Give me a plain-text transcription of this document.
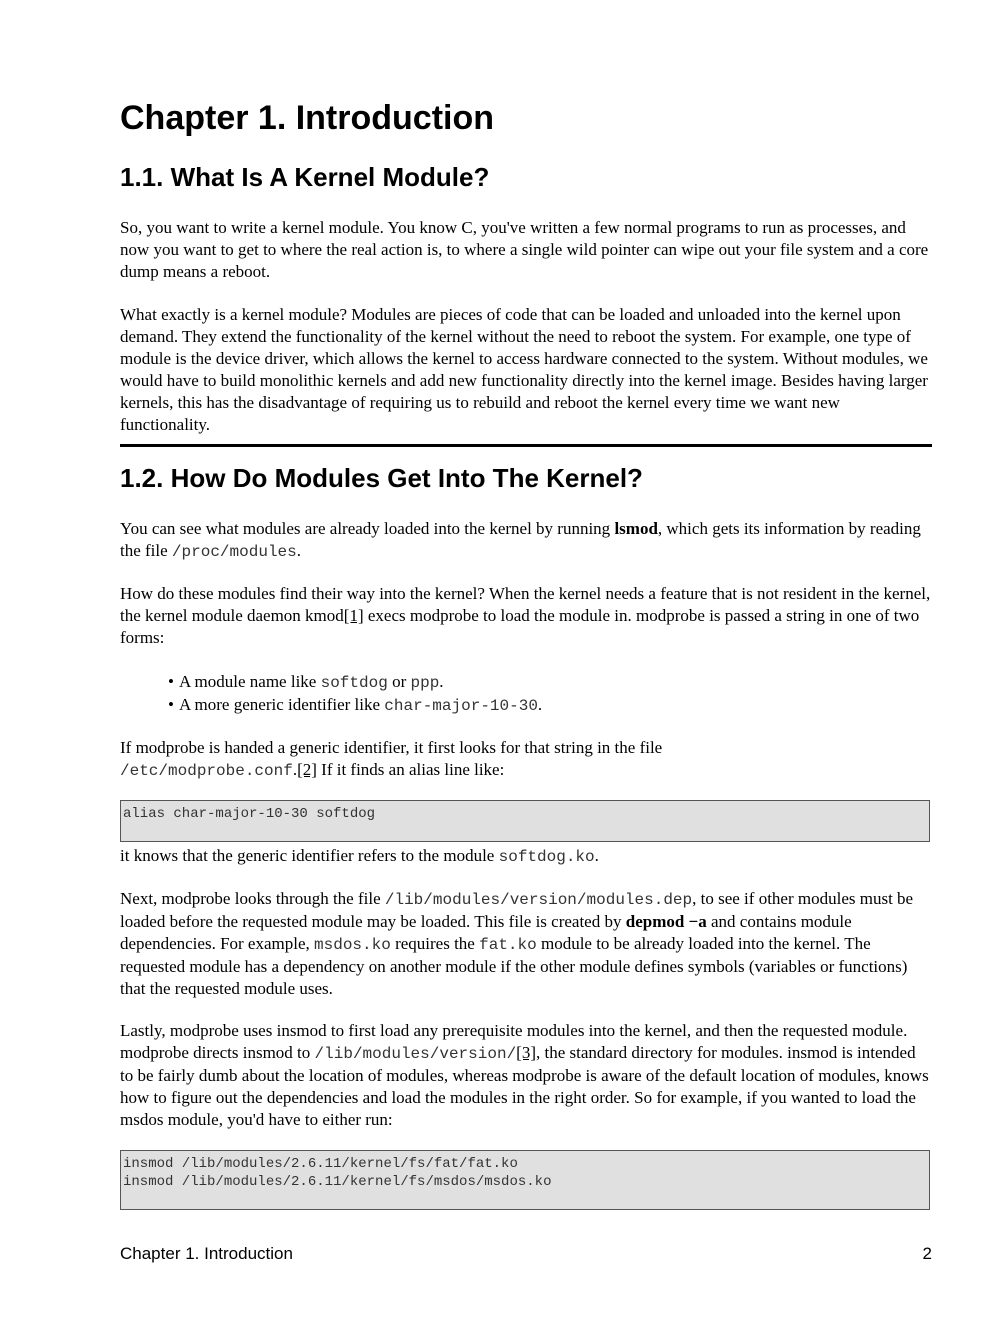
Chapter 1. Introduction
1.1. What Is A Kernel Module?

So, you want to write a kernel module. You know C, you've written a few normal programs to run as processes, and now you want to get to where the real action is, to where a single wild pointer can wipe out your file system and a core dump means a reboot.

What exactly is a kernel module? Modules are pieces of code that can be loaded and unloaded into the kernel upon demand. They extend the functionality of the kernel without the need to reboot the system. For example, one type of module is the device driver, which allows the kernel to access hardware connected to the system. Without modules, we would have to build monolithic kernels and add new functionality directly into the kernel image. Besides having larger kernels, this has the disadvantage of requiring us to rebuild and reboot the kernel every time we want new functionality.

1.2. How Do Modules Get Into The Kernel?

You can see what modules are already loaded into the kernel by running lsmod, which gets its information by reading the file /proc/modules.

How do these modules find their way into the kernel? When the kernel needs a feature that is not resident in the kernel, the kernel module daemon kmod[1] execs modprobe to load the module in. modprobe is passed a string in one of two forms:

• A module name like softdog or ppp.
• A more generic identifier like char-major-10-30.

If modprobe is handed a generic identifier, it first looks for that string in the file
/etc/modprobe.conf.[2] If it finds an alias line like:

alias char-major-10-30 softdog

it knows that the generic identifier refers to the module softdog.ko.

Next, modprobe looks through the file /lib/modules/version/modules.dep, to see if other modules must be loaded before the requested module may be loaded. This file is created by depmod −a and contains module dependencies. For example, msdos.ko requires the fat.ko module to be already loaded into the kernel. The requested module has a dependency on another module if the other module defines symbols (variables or functions) that the requested module uses.

Lastly, modprobe uses insmod to first load any prerequisite modules into the kernel, and then the requested module. modprobe directs insmod to /lib/modules/version/[3], the standard directory for modules. insmod is intended to be fairly dumb about the location of modules, whereas modprobe is aware of the default location of modules, knows how to figure out the dependencies and load the modules in the right order. So for example, if you wanted to load the msdos module, you'd have to either run:

insmod /lib/modules/2.6.11/kernel/fs/fat/fat.ko
insmod /lib/modules/2.6.11/kernel/fs/msdos/msdos.ko
Chapter 1. Introduction	2
